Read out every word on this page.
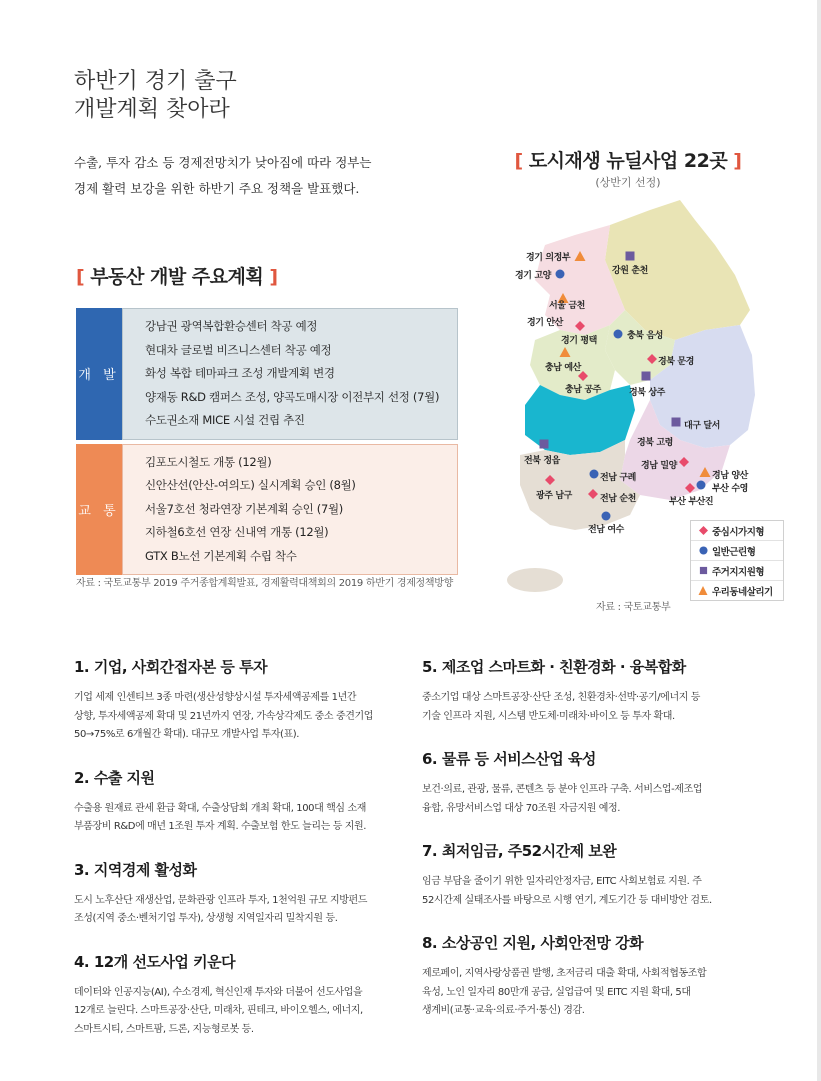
하반기 경기 출구
개발계획 찾아라
수출, 투자 감소 등 경제전망치가 낮아짐에 따라 정부는
경제 활력 보강을 위한 하반기 주요 정책을 발표했다.
[ 부동산 개발 주요계획 ]
개 발
강남권 광역복합환승센터 착공 예정
현대차 글로벌 비즈니스센터 착공 예정
화성 복합 테마파크 조성 개발계획 변경
양재동 R&D 캠퍼스 조성, 양곡도매시장 이전부지 선정 (7월)
수도권소재 MICE 시설 건립 추진
교 통
김포도시철도 개통 (12월)
신안산선(안산-여의도) 실시계획 승인 (8월)
서울7호선 청라연장 기본계획 승인 (7월)
지하철6호선 연장 신내역 개통 (12월)
GTX B노선 기본계획 수립 착수
자료 : 국토교통부 2019 주거종합계획발표, 경제활력대책회의 2019 하반기 경제정책방향
[ 도시재생 뉴딜사업 22곳 ]
(상반기 선정)
경기 의정부
경기 고양	강원 춘천
서울 금천
경기 안산
경기 평택	충북 음성
충남 예산
경북 문경
충남 공주	경북 상주
대구 달서
경북 고령
전북 정읍	경남 밀양
전남 구례	경남 양산
부산 수영
광주 남구	전남 순천	부산 부산진
전남 여수	중심시가지형
일반근린형
주거지지원형
우리동네살리기
자료 : 국토교통부
1. 기업, 사회간접자본 등 투자

기업 세제 인센티브 3종 마련(생산성향상시설 투자세액공제를 1년간
상향, 투자세액공제 확대 및 21년까지 연장, 가속상각제도 중소 중견기업
50→75%로 6개월간 확대). 대규모 개발사업 투자(표).

2. 수출 지원

수출용 원재료 관세 환급 확대, 수출상담회 개최 확대, 100대 핵심 소재
부품장비 R&D에 매년 1조원 투자 계획. 수출보험 한도 늘리는 등 지원.

3. 지역경제 활성화

도시 노후산단 재생산업, 문화관광 인프라 투자, 1천억원 규모 지방펀드
조성(지역 중소·벤처기업 투자), 상생형 지역일자리 밀착지원 등.

4. 12개 선도사업 키운다

데이터와 인공지능(AI), 수소경제, 혁신인재 투자와 더불어 선도사업을
12개로 늘린다. 스마트공장·산단, 미래차, 핀테크, 바이오헬스, 에너지,
스마트시티, 스마트팜, 드론, 지능형로봇 등.

5. 제조업 스마트화 · 친환경화 · 융복합화

중소기업 대상 스마트공장·산단 조성, 친환경차·선박·공기/에너지 등
기술 인프라 지원, 시스템 반도체·미래차·바이오 등 투자 확대.

6. 물류 등 서비스산업 육성

보건·의료, 관광, 물류, 콘텐츠 등 분야 인프라 구축. 서비스업-제조업
융합, 유망서비스업 대상 70조원 자금지원 예정.

7. 최저임금, 주52시간제 보완

임금 부담을 줄이기 위한 일자리안정자금, EITC 사회보험료 지원. 주
52시간제 실태조사를 바탕으로 시행 연기, 계도기간 등 대비방안 검토.

8. 소상공인 지원, 사회안전망 강화

제로페이, 지역사랑상품권 발행, 초저금리 대출 확대, 사회적협동조합
육성, 노인 일자리 80만개 공급, 실업급여 및 EITC 지원 확대, 5대
생계비(교통·교육·의료·주거·통신) 경감.
